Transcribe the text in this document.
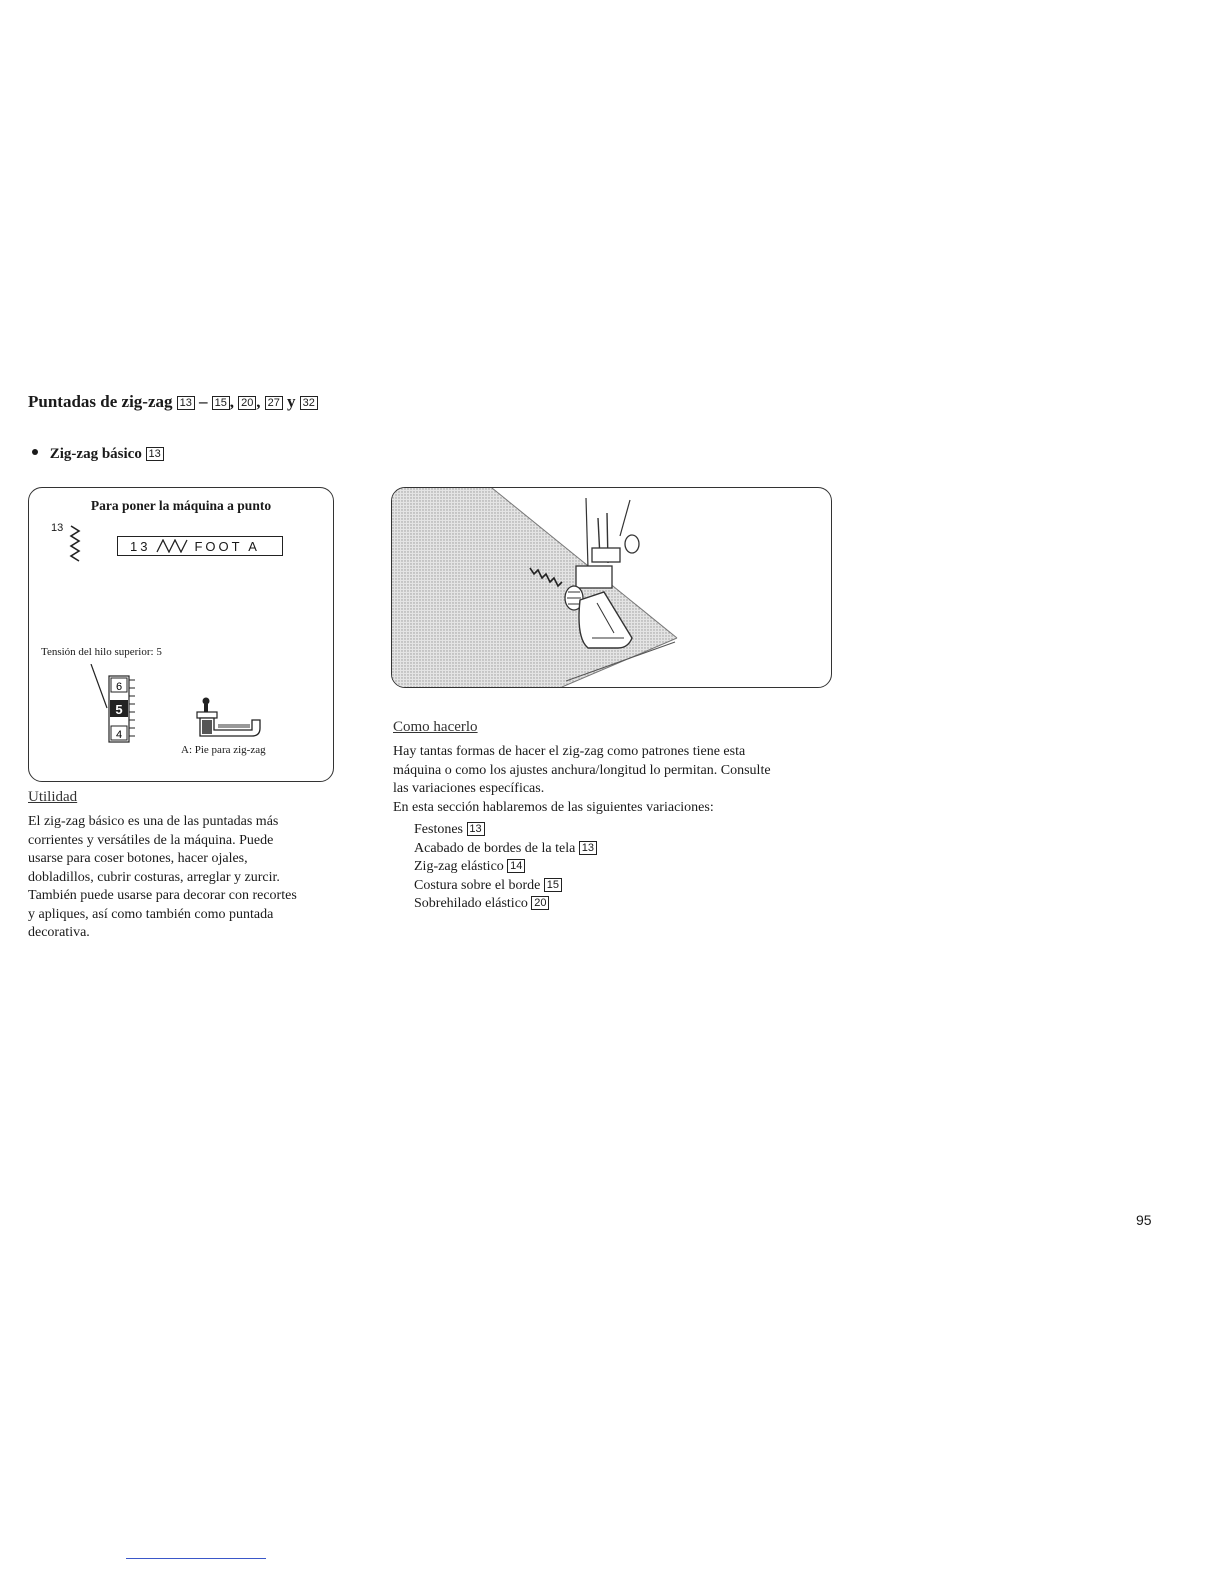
Puntadas de zig-zag 13 – 15 , 20 , 27 y 32
Zig-zag básico 13
Para poner la máquina a punto
13
13	FOOT A
Tensión del hilo superior: 5
6
5
4
A: Pie para zig-zag
Utilidad
El zig-zag básico es una de las puntadas más
corrientes y versátiles de la máquina. Puede
usarse para coser botones, hacer ojales,
dobladillos, cubrir costuras, arreglar y zurcir.
También puede usarse para decorar con recortes
y apliques, así como también como puntada
decorativa.
Como hacerlo
Hay tantas formas de hacer el zig-zag como patrones tiene esta
máquina o como los ajustes anchura/longitud lo permitan. Consulte
las variaciones específicas.
En esta sección hablaremos de las siguientes variaciones:
Festones 13
Acabado de bordes de la tela 13
Zig-zag elástico 14
Costura sobre el borde 15
Sobrehilado elástico 20
95
